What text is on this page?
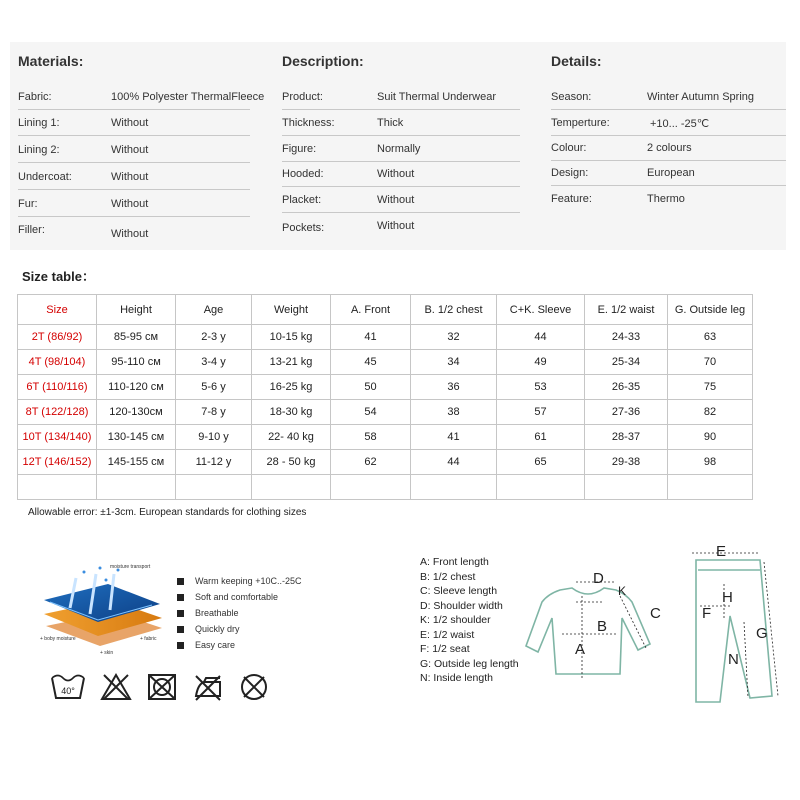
Materials:
Fabric:	100% Polyester ThermalFleece
Lining 1:	Without
Lining 2:	Without
Undercoat:	Without
Fur:	Without
Filler:	Without
Description:
Product:	Suit Thermal Underwear
Thickness:	Thick
Figure:	Normally
Hooded:	Without
Placket:	Without
Pockets:	Without
Details:
Season:	Winter Autumn Spring
Temperture:	+10... -25℃
Colour:	2 colours
Design:	European
Feature:	Thermo
Size table：
Size	Height	Age	Weight	A. Front	B. 1/2 chest	C+K. Sleeve	E. 1/2 waist	G. Outside leg
2T (86/92)	85-95 см	2-3 y	10-15 kg	41	32	44	24-33	63
4T (98/104)	95-110 см	3-4 y	13-21 kg	45	34	49	25-34	70
6T (110/116)	110-120 см	5-6 y	16-25 kg	50	36	53	26-35	75
8T (122/128)	120-130см	7-8 y	18-30 kg	54	38	57	27-36	82
10T (134/140)	130-145 см	9-10 y	22- 40 kg	58	41	61	28-37	90
12T (146/152)	145-155 см	11-12 y	28 - 50 kg	62	44	65	29-38	98

Allowable error: ±1-3cm. European standards for clothing sizes
moisture transport
+ boby moisture	+ fabric
+ skin
Warm keeping +10C..-25C
Soft and comfortable
Breathable
Quickly dry
Easy care
40°
A: Front length
B: 1/2 chest
C: Sleeve length
D: Shoulder width
K: 1/2 shoulder
E: 1/2 waist
F: 1/2 seat
G: Outside leg length
N: Inside length
D
K
C
B
A
E
F
H
G
N
